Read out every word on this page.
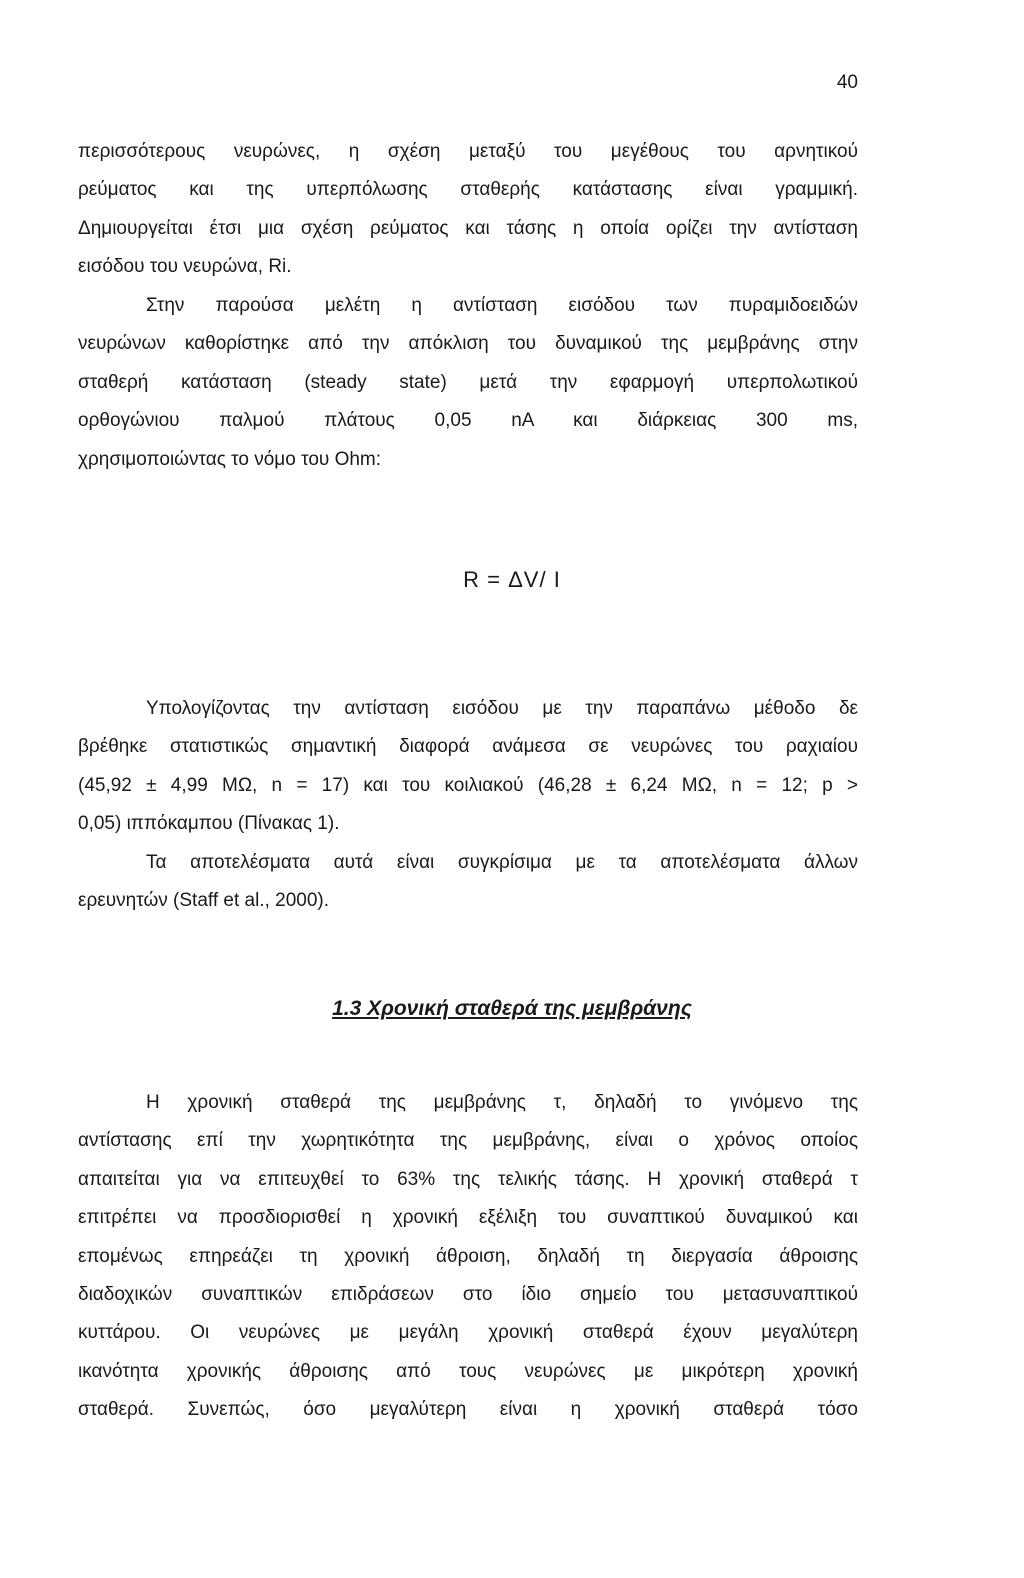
40
περισσότερους νευρώνες, η σχέση μεταξύ του μεγέθους του αρνητικού
ρεύματος και της υπερπόλωσης σταθερής κατάστασης είναι γραμμική.
Δημιουργείται έτσι μια σχέση ρεύματος και τάσης η οποία ορίζει την αντίσταση
εισόδου του νευρώνα, Ri.
Στην παρούσα μελέτη η αντίσταση εισόδου των πυραμιδοειδών
νευρώνων καθορίστηκε από την απόκλιση του δυναμικού της μεμβράνης στην
σταθερή κατάσταση (steady state) μετά την εφαρμογή υπερπολωτικού
ορθογώνιου παλμού πλάτους 0,05 nA και διάρκειας 300 ms,
χρησιμοποιώντας το νόμο του Ohm:
R = ΔV/ I
Υπολογίζοντας την αντίσταση εισόδου με την παραπάνω μέθοδο δε
βρέθηκε στατιστικώς σημαντική διαφορά ανάμεσα σε νευρώνες του ραχιαίου
(45,92 ± 4,99 ΜΩ, n = 17) και του κοιλιακού (46,28 ± 6,24 ΜΩ, n = 12; p >
0,05) ιππόκαμπου (Πίνακας 1).
Τα αποτελέσματα αυτά είναι συγκρίσιμα με τα αποτελέσματα άλλων
ερευνητών (Staff et al., 2000).
1.3 Χρονική σταθερά της μεμβράνης
Η χρονική σταθερά της μεμβράνης τ, δηλαδή το γινόμενο της
αντίστασης επί την χωρητικότητα της μεμβράνης, είναι ο χρόνος οποίος
απαιτείται για να επιτευχθεί το 63% της τελικής τάσης. Η χρονική σταθερά τ
επιτρέπει να προσδιορισθεί η χρονική εξέλιξη του συναπτικού δυναμικού και
επομένως επηρεάζει τη χρονική άθροιση, δηλαδή τη διεργασία άθροισης
διαδοχικών συναπτικών επιδράσεων στο ίδιο σημείο του μετασυναπτικού
κυττάρου. Οι νευρώνες με μεγάλη χρονική σταθερά έχουν μεγαλύτερη
ικανότητα χρονικής άθροισης από τους νευρώνες με μικρότερη χρονική
σταθερά. Συνεπώς, όσο μεγαλύτερη είναι η χρονική σταθερά τόσο
